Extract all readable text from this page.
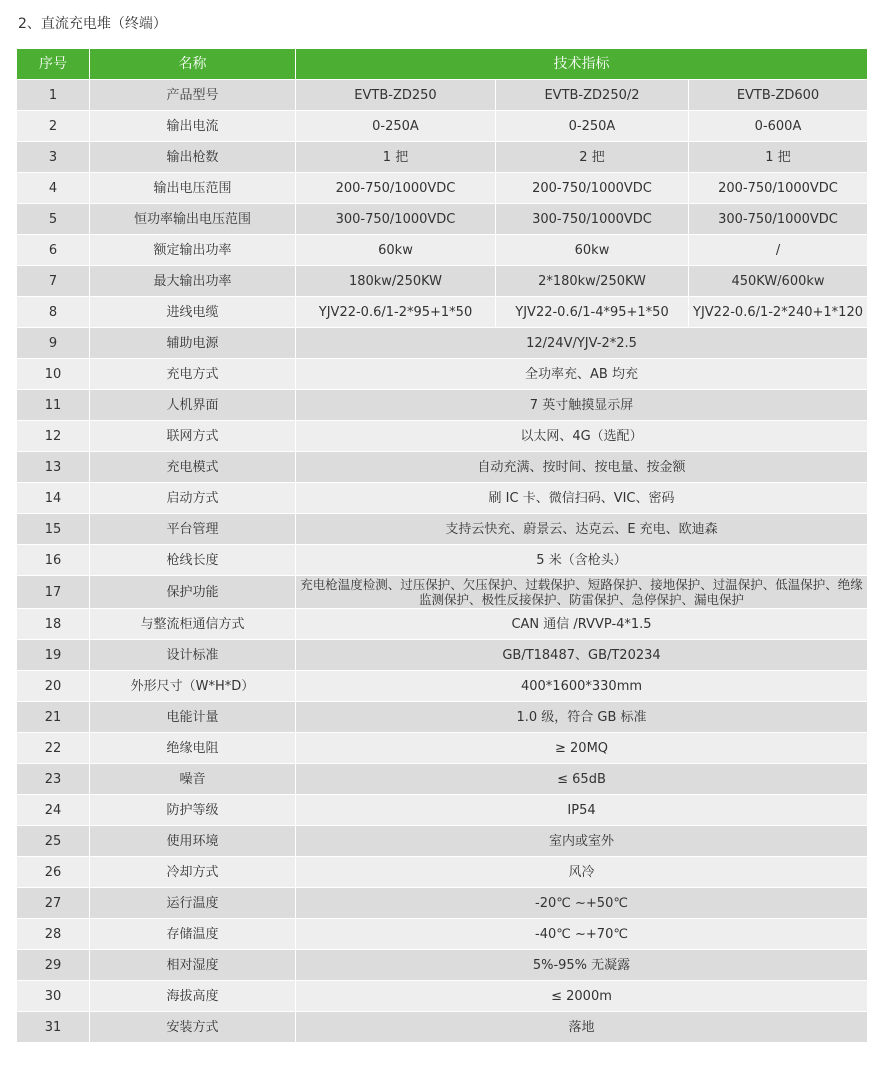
2、直流充电堆（终端）
序号	名称	技术指标		
1	产品型号	EVTB-ZD250	EVTB-ZD250/2	EVTB-ZD600
2	输出电流	0-250A	0-250A	0-600A
3	输出枪数	1 把	2 把	1 把
4	输出电压范围	200-750/1000VDC	200-750/1000VDC	200-750/1000VDC
5	恒功率输出电压范围	300-750/1000VDC	300-750/1000VDC	300-750/1000VDC
6	额定输出功率	60kw	60kw	/
7	最大输出功率	180kw/250KW	2*180kw/250KW	450KW/600kw
8	进线电缆	YJV22-0.6/1-2*95+1*50	YJV22-0.6/1-4*95+1*50	YJV22-0.6/1-2*240+1*120
9	辅助电源	12/24V/YJV-2*2.5		
10	充电方式	全功率充、AB 均充		
11	人机界面	7 英寸触摸显示屏		
12	联网方式	以太网、4G（选配）		
13	充电模式	自动充满、按时间、按电量、按金额		
14	启动方式	刷 IC 卡、微信扫码、VIC、密码		
15	平台管理	支持云快充、蔚景云、达克云、E 充电、欧迪森		
16	枪线长度	5 米（含枪头）		
17	保护功能	充电枪温度检测、过压保护、欠压保护、过载保护、短路保护、接地保护、过温保护、低温保护、绝缘监测保护、极性反接保护、防雷保护、急停保护、漏电保护		
18	与整流柜通信方式	CAN 通信 /RVVP-4*1.5		
19	设计标准	GB/T18487、GB/T20234		
20	外形尺寸（W*H*D）	400*1600*330mm		
21	电能计量	1.0 级，符合 GB 标准		
22	绝缘电阻	≥ 20MQ		
23	噪音	≤ 65dB		
24	防护等级	IP54		
25	使用环境	室内或室外		
26	冷却方式	风冷		
27	运行温度	-20℃ ~+50℃		
28	存储温度	-40℃ ~+70℃		
29	相对湿度	5%-95% 无凝露		
30	海拔高度	≤ 2000m		
31	安装方式	落地		
